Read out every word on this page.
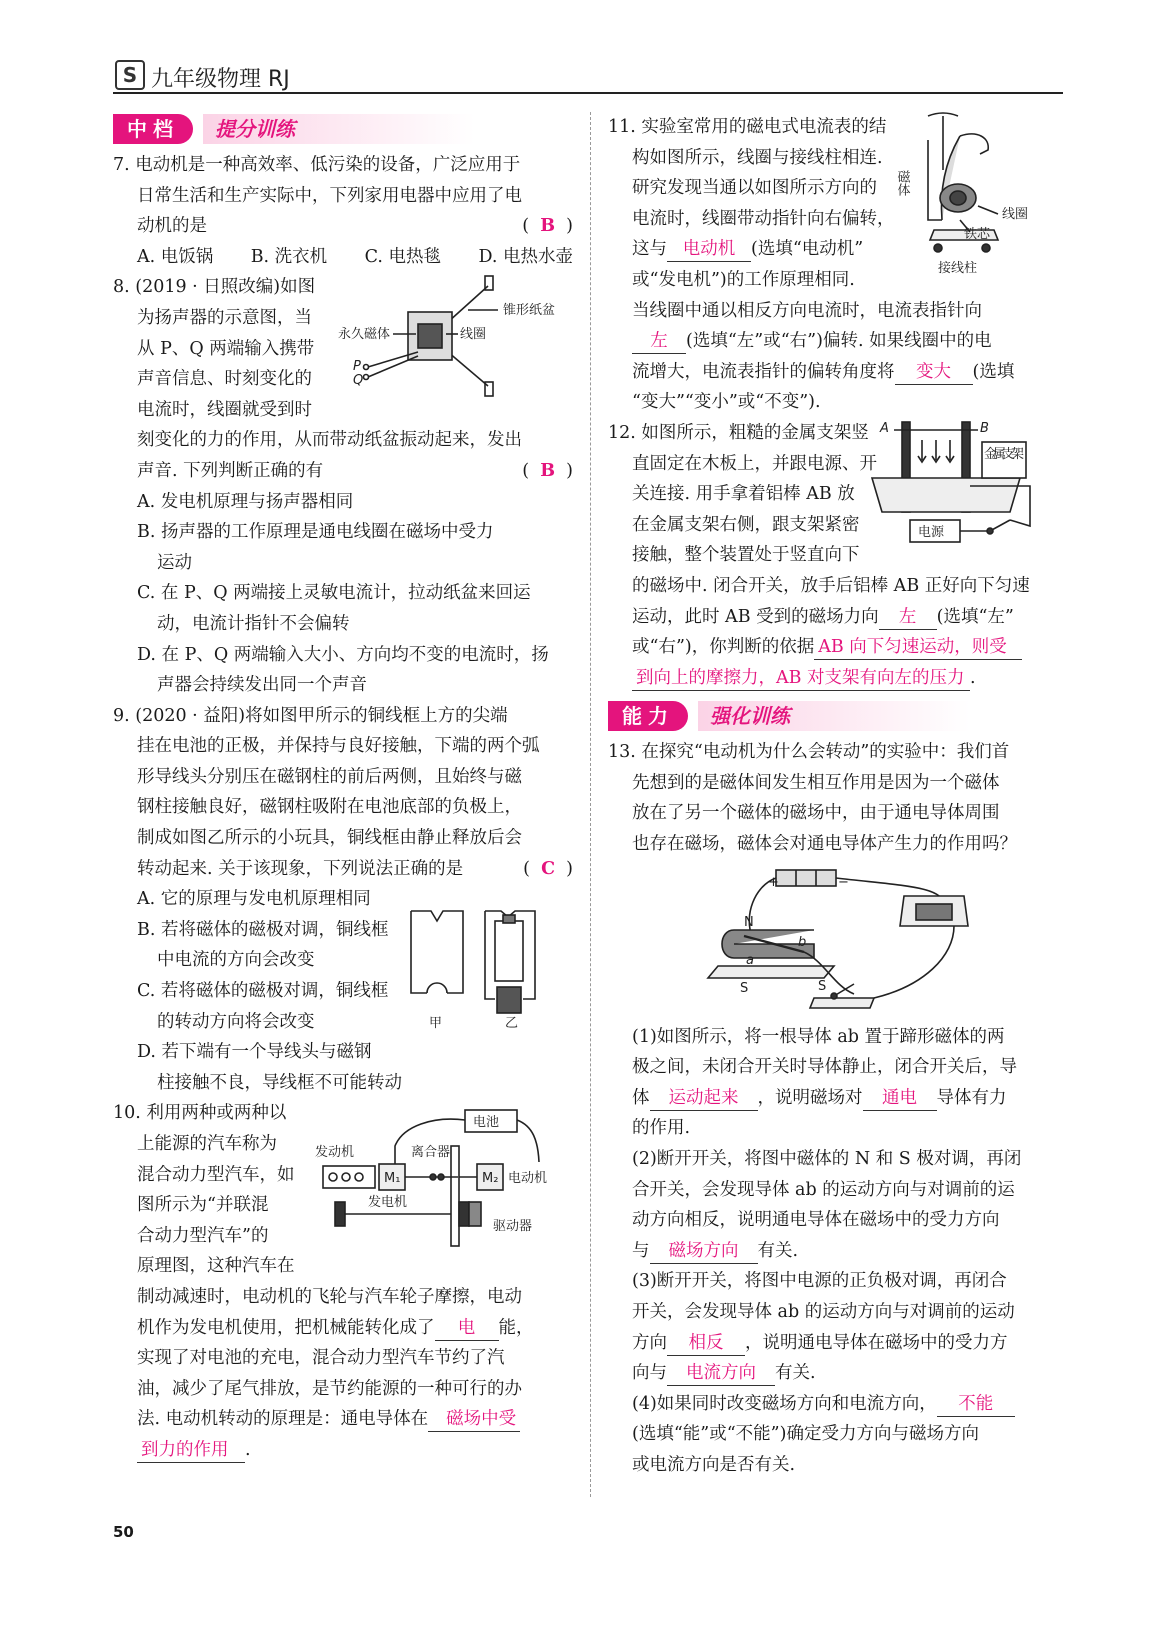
S 九年级物理 RJ
提分训练
中档
7. 电动机是一种高效率、低污染的设备，广泛应用于
日常生活和生产实际中，下列家用电器中应用了电
动机的是	(  B  )
A. 电饭锅 B. 洗衣机 C. 电热毯 D. 电热水壶
8. (2019 · 日照改编)如图
为扬声器的示意图，当
从 P、Q 两端输入携带
声音信息、时刻变化的
电流时，线圈就受到时
刻变化的力的作用，从而带动纸盆振动起来，发出
声音. 下列判断正确的有	(  B  )
A. 发电机原理与扬声器相同
B. 扬声器的工作原理是通电线圈在磁场中受力
运动
C. 在 P、Q 两端接上灵敏电流计，拉动纸盆来回运
动，电流计指针不会偏转
D. 在 P、Q 两端输入大小、方向均不变的电流时，扬
声器会持续发出同一个声音
锥形纸盆
永久磁体	线圈
P
Q
9. (2020 · 益阳)将如图甲所示的铜线框上方的尖端
挂在电池的正极，并保持与良好接触，下端的两个弧
形导线头分别压在磁钢柱的前后两侧，且始终与磁
钢柱接触良好，磁钢柱吸附在电池底部的负极上，
制成如图乙所示的小玩具，铜线框由静止释放后会
转动起来. 关于该现象，下列说法正确的是	(  C  )
A. 它的原理与发电机原理相同
B. 若将磁体的磁极对调，铜线框
中电流的方向会改变
C. 若将磁体的磁极对调，铜线框
的转动方向将会改变
D. 若下端有一个导线头与磁钢
柱接触不良，导线框不可能转动
甲	乙
10. 利用两种或两种以
上能源的汽车称为
混合动力型汽车，如
图所示为“并联混
合动力型汽车”的
原理图，这种汽车在
制动减速时，电动机的飞轮与汽车轮子摩擦，电动
机作为发电机使用，把机械能转化成了 电 能，
实现了对电池的充电，混合动力型汽车节约了汽
油，减少了尾气排放，是节约能源的一种可行的办
法. 电动机转动的原理是：通电导体在 磁场中受
到力的作用 .
电池
发动机	离合器
电动机
发电机
驱动器
M₁	M₂
11. 实验室常用的磁电式电流表的结
构如图所示，线圈与接线柱相连.
研究发现当通以如图所示方向的
电流时，线圈带动指针向右偏转，
这与 电动机 (选填“电动机”
或“发电机”)的工作原理相同.
当线圈中通以相反方向电流时，电流表指针向
左 (选填“左”或“右”)偏转. 如果线圈中的电
流增大，电流表指针的偏转角度将 变大 (选填
“变大”“变小”或“不变”).
磁体
线圈
铁芯
接线柱
12. 如图所示，粗糙的金属支架竖
直固定在木板上，并跟电源、开
关连接. 用手拿着铝棒 AB 放
在金属支架右侧，跟支架紧密
接触，整个装置处于竖直向下
的磁场中. 闭合开关，放手后铝棒 AB 正好向下匀速
运动，此时 AB 受到的磁场力向 左 (选填“左”
或“右”)，你判断的依据 AB 向下匀速运动，则受
到向上的摩擦力，AB 对支架有向左的压力 .
A	B
金属支架
电源
强化训练
能力
13. 在探究“电动机为什么会转动”的实验中：我们首
先想到的是磁体间发生相互作用是因为一个磁体
放在了另一个磁体的磁场中，由于通电导体周围
也存在磁场，磁体会对通电导体产生力的作用吗？
+	−
N
S
a
b
S
(1)如图所示，将一根导体 ab 置于蹄形磁体的两
极之间，未闭合开关时导体静止，闭合开关后，导
体 运动起来 ，说明磁场对 通电 导体有力
的作用.
(2)断开开关，将图中磁体的 N 和 S 极对调，再闭
合开关，会发现导体 ab 的运动方向与对调前的运
动方向相反，说明通电导体在磁场中的受力方向
与 磁场方向 有关.
(3)断开开关，将图中电源的正负极对调，再闭合
开关，会发现导体 ab 的运动方向与对调前的运动
方向 相反 ，说明通电导体在磁场中的受力方
向与 电流方向 有关.
(4)如果同时改变磁场方向和电流方向， 不能
(选填“能”或“不能”)确定受力方向与磁场方向
或电流方向是否有关.
50
